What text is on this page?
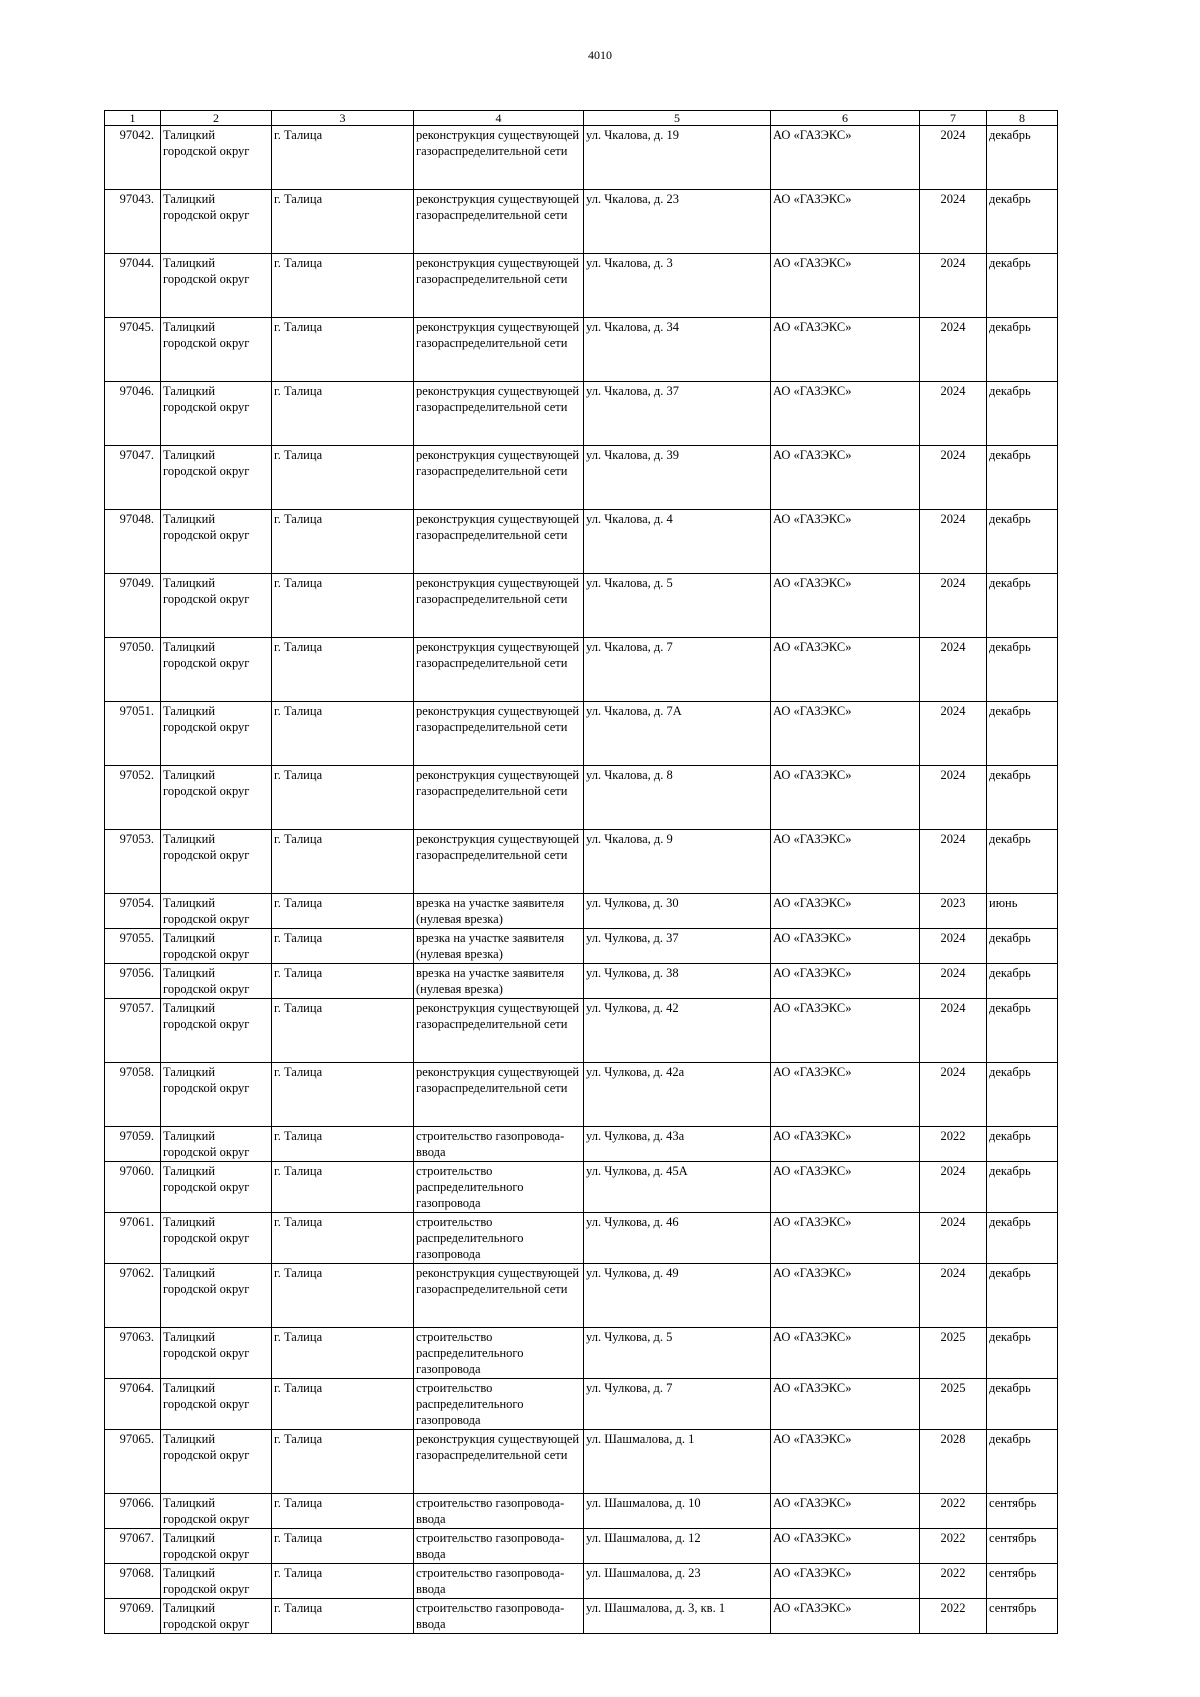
4010
1	2	3	4	5	6	7	8
97042.	Талицкий городской округ	г. Талица	реконструкция существующей газораспределительной сети	ул. Чкалова, д. 19	АО «ГАЗЭКС»	2024	декабрь
97043.	Талицкий городской округ	г. Талица	реконструкция существующей газораспределительной сети	ул. Чкалова, д. 23	АО «ГАЗЭКС»	2024	декабрь
97044.	Талицкий городской округ	г. Талица	реконструкция существующей газораспределительной сети	ул. Чкалова, д. 3	АО «ГАЗЭКС»	2024	декабрь
97045.	Талицкий городской округ	г. Талица	реконструкция существующей газораспределительной сети	ул. Чкалова, д. 34	АО «ГАЗЭКС»	2024	декабрь
97046.	Талицкий городской округ	г. Талица	реконструкция существующей газораспределительной сети	ул. Чкалова, д. 37	АО «ГАЗЭКС»	2024	декабрь
97047.	Талицкий городской округ	г. Талица	реконструкция существующей газораспределительной сети	ул. Чкалова, д. 39	АО «ГАЗЭКС»	2024	декабрь
97048.	Талицкий городской округ	г. Талица	реконструкция существующей газораспределительной сети	ул. Чкалова, д. 4	АО «ГАЗЭКС»	2024	декабрь
97049.	Талицкий городской округ	г. Талица	реконструкция существующей газораспределительной сети	ул. Чкалова, д. 5	АО «ГАЗЭКС»	2024	декабрь
97050.	Талицкий городской округ	г. Талица	реконструкция существующей газораспределительной сети	ул. Чкалова, д. 7	АО «ГАЗЭКС»	2024	декабрь
97051.	Талицкий городской округ	г. Талица	реконструкция существующей газораспределительной сети	ул. Чкалова, д. 7А	АО «ГАЗЭКС»	2024	декабрь
97052.	Талицкий городской округ	г. Талица	реконструкция существующей газораспределительной сети	ул. Чкалова, д. 8	АО «ГАЗЭКС»	2024	декабрь
97053.	Талицкий городской округ	г. Талица	реконструкция существующей газораспределительной сети	ул. Чкалова, д. 9	АО «ГАЗЭКС»	2024	декабрь
97054.	Талицкий городской округ	г. Талица	врезка на участке заявителя (нулевая врезка)	ул. Чулкова, д. 30	АО «ГАЗЭКС»	2023	июнь
97055.	Талицкий городской округ	г. Талица	врезка на участке заявителя (нулевая врезка)	ул. Чулкова, д. 37	АО «ГАЗЭКС»	2024	декабрь
97056.	Талицкий городской округ	г. Талица	врезка на участке заявителя (нулевая врезка)	ул. Чулкова, д. 38	АО «ГАЗЭКС»	2024	декабрь
97057.	Талицкий городской округ	г. Талица	реконструкция существующей газораспределительной сети	ул. Чулкова, д. 42	АО «ГАЗЭКС»	2024	декабрь
97058.	Талицкий городской округ	г. Талица	реконструкция существующей газораспределительной сети	ул. Чулкова, д. 42а	АО «ГАЗЭКС»	2024	декабрь
97059.	Талицкий городской округ	г. Талица	строительство газопровода-ввода	ул. Чулкова, д. 43а	АО «ГАЗЭКС»	2022	декабрь
97060.	Талицкий городской округ	г. Талица	строительство распределительного газопровода	ул. Чулкова, д. 45А	АО «ГАЗЭКС»	2024	декабрь
97061.	Талицкий городской округ	г. Талица	строительство распределительного газопровода	ул. Чулкова, д. 46	АО «ГАЗЭКС»	2024	декабрь
97062.	Талицкий городской округ	г. Талица	реконструкция существующей газораспределительной сети	ул. Чулкова, д. 49	АО «ГАЗЭКС»	2024	декабрь
97063.	Талицкий городской округ	г. Талица	строительство распределительного газопровода	ул. Чулкова, д. 5	АО «ГАЗЭКС»	2025	декабрь
97064.	Талицкий городской округ	г. Талица	строительство распределительного газопровода	ул. Чулкова, д. 7	АО «ГАЗЭКС»	2025	декабрь
97065.	Талицкий городской округ	г. Талица	реконструкция существующей газораспределительной сети	ул. Шашмалова, д. 1	АО «ГАЗЭКС»	2028	декабрь
97066.	Талицкий городской округ	г. Талица	строительство газопровода-ввода	ул. Шашмалова, д. 10	АО «ГАЗЭКС»	2022	сентябрь
97067.	Талицкий городской округ	г. Талица	строительство газопровода-ввода	ул. Шашмалова, д. 12	АО «ГАЗЭКС»	2022	сентябрь
97068.	Талицкий городской округ	г. Талица	строительство газопровода-ввода	ул. Шашмалова, д. 23	АО «ГАЗЭКС»	2022	сентябрь
97069.	Талицкий городской округ	г. Талица	строительство газопровода-ввода	ул. Шашмалова, д. 3, кв. 1	АО «ГАЗЭКС»	2022	сентябрь
